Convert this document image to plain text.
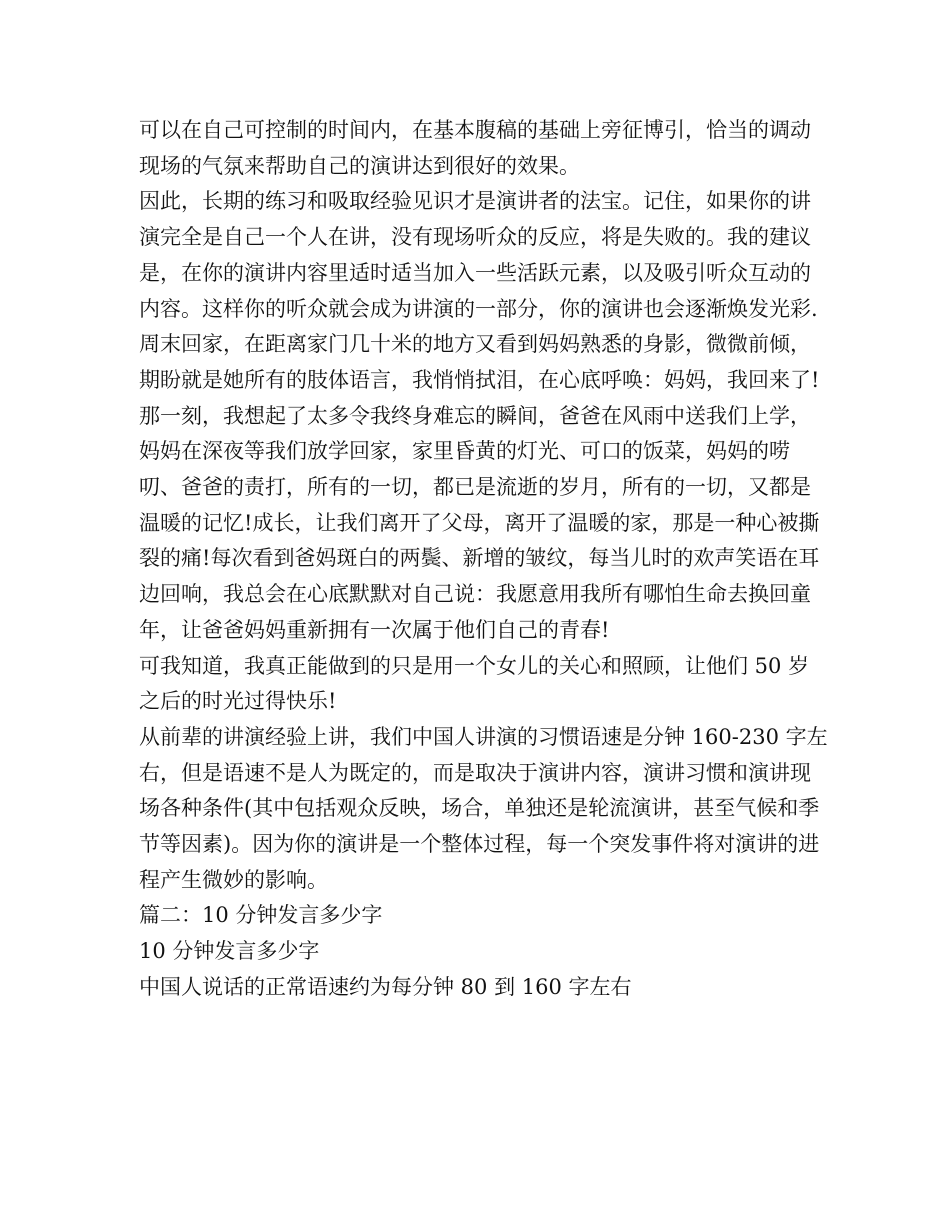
可以在自己可控制的时间内，在基本腹稿的基础上旁征博引，恰当的调动现场的气氛来帮助自己的演讲达到很好的效果。

因此，长期的练习和吸取经验见识才是演讲者的法宝。记住，如果你的讲演完全是自己一个人在讲，没有现场听众的反应，将是失败的。我的建议是，在你的演讲内容里适时适当加入一些活跃元素，以及吸引听众互动的内容。这样你的听众就会成为讲演的一部分，你的演讲也会逐渐焕发光彩.

周末回家，在距离家门几十米的地方又看到妈妈熟悉的身影，微微前倾，期盼就是她所有的肢体语言，我悄悄拭泪，在心底呼唤：妈妈，我回来了!那一刻，我想起了太多令我终身难忘的瞬间，爸爸在风雨中送我们上学，妈妈在深夜等我们放学回家，家里昏黄的灯光、可口的饭菜，妈妈的唠叨、爸爸的责打，所有的一切，都已是流逝的岁月，所有的一切，又都是温暖的记忆!成长，让我们离开了父母，离开了温暖的家，那是一种心被撕裂的痛!每次看到爸妈斑白的两鬓、新增的皱纹，每当儿时的欢声笑语在耳边回响，我总会在心底默默对自己说：我愿意用我所有哪怕生命去换回童年，让爸爸妈妈重新拥有一次属于他们自己的青春!

可我知道，我真正能做到的只是用一个女儿的关心和照顾，让他们 50 岁之后的时光过得快乐!

从前辈的讲演经验上讲，我们中国人讲演的习惯语速是分钟 160-230 字左右，但是语速不是人为既定的，而是取决于演讲内容，演讲习惯和演讲现场各种条件(其中包括观众反映，场合，单独还是轮流演讲，甚至气候和季节等因素)。因为你的演讲是一个整体过程，每一个突发事件将对演讲的进程产生微妙的影响。

篇二：10 分钟发言多少字

10 分钟发言多少字

中国人说话的正常语速约为每分钟 80 到 160 字左右
